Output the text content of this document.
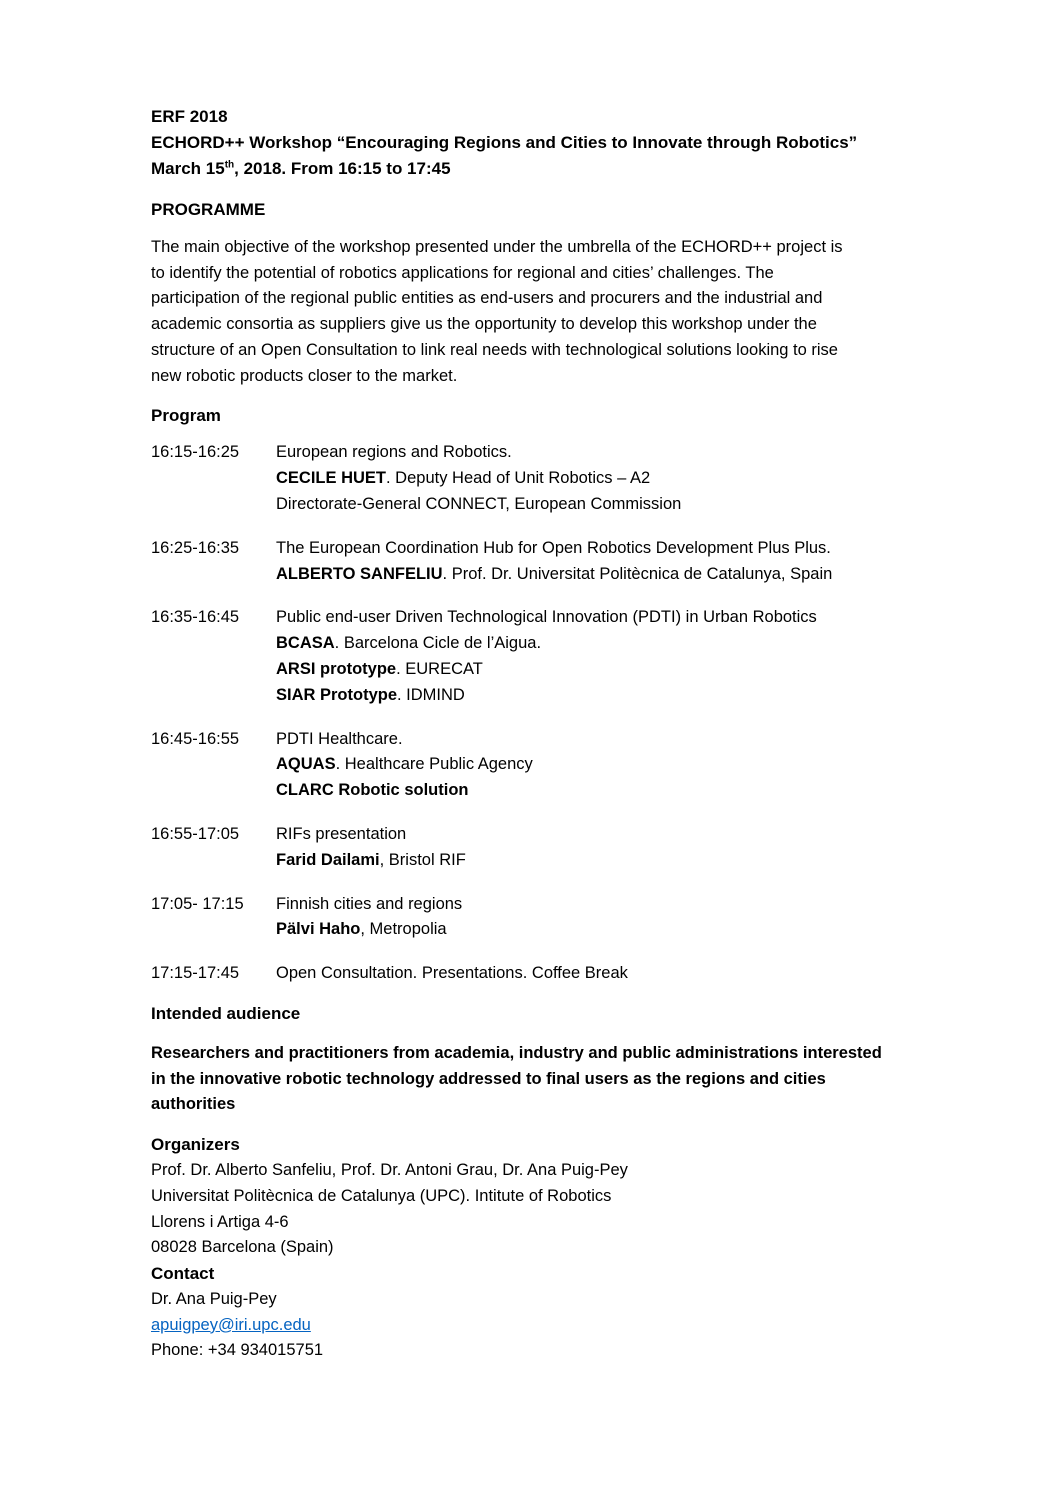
ERF 2018

ECHORD++ Workshop “Encouraging Regions and Cities to Innovate through Robotics”

March 15th, 2018. From 16:15 to 17:45

PROGRAMME

The main objective of the workshop presented under the umbrella of the ECHORD++ project is
to identify the potential of robotics applications for regional and cities’ challenges. The
participation of the regional public entities as end-users and procurers and the industrial and
academic consortia as suppliers give us the opportunity to develop this workshop under the
structure of an Open Consultation to link real needs with technological solutions looking to rise
new robotic products closer to the market.

Program

16:15-16:25	European regions and Robotics.
CECILE HUET. Deputy Head of Unit Robotics – A2
Directorate-General CONNECT, European Commission
16:25-16:35	The European Coordination Hub for Open Robotics Development Plus Plus.
ALBERTO SANFELIU. Prof. Dr. Universitat Politècnica de Catalunya, Spain
16:35-16:45	Public end-user Driven Technological Innovation (PDTI) in Urban Robotics
BCASA. Barcelona Cicle de l’Aigua.
ARSI prototype. EURECAT
SIAR Prototype. IDMIND
16:45-16:55	PDTI Healthcare.
AQUAS. Healthcare Public Agency
CLARC Robotic solution
16:55-17:05	RIFs presentation
Farid Dailami, Bristol RIF
17:05- 17:15	Finnish cities and regions
Pälvi Haho, Metropolia
17:15-17:45	Open Consultation. Presentations. Coffee Break

Intended audience

Researchers and practitioners from academia, industry and public administrations interested
in the innovative robotic technology addressed to final users as the regions and cities
authorities

Organizers

Prof. Dr. Alberto Sanfeliu, Prof. Dr. Antoni Grau, Dr. Ana Puig-Pey
Universitat Politècnica de Catalunya (UPC). Intitute of Robotics
Llorens i Artiga 4-6
08028 Barcelona (Spain)

Contact

Dr. Ana Puig-Pey
apuigpey@iri.upc.edu
Phone: +34 934015751
